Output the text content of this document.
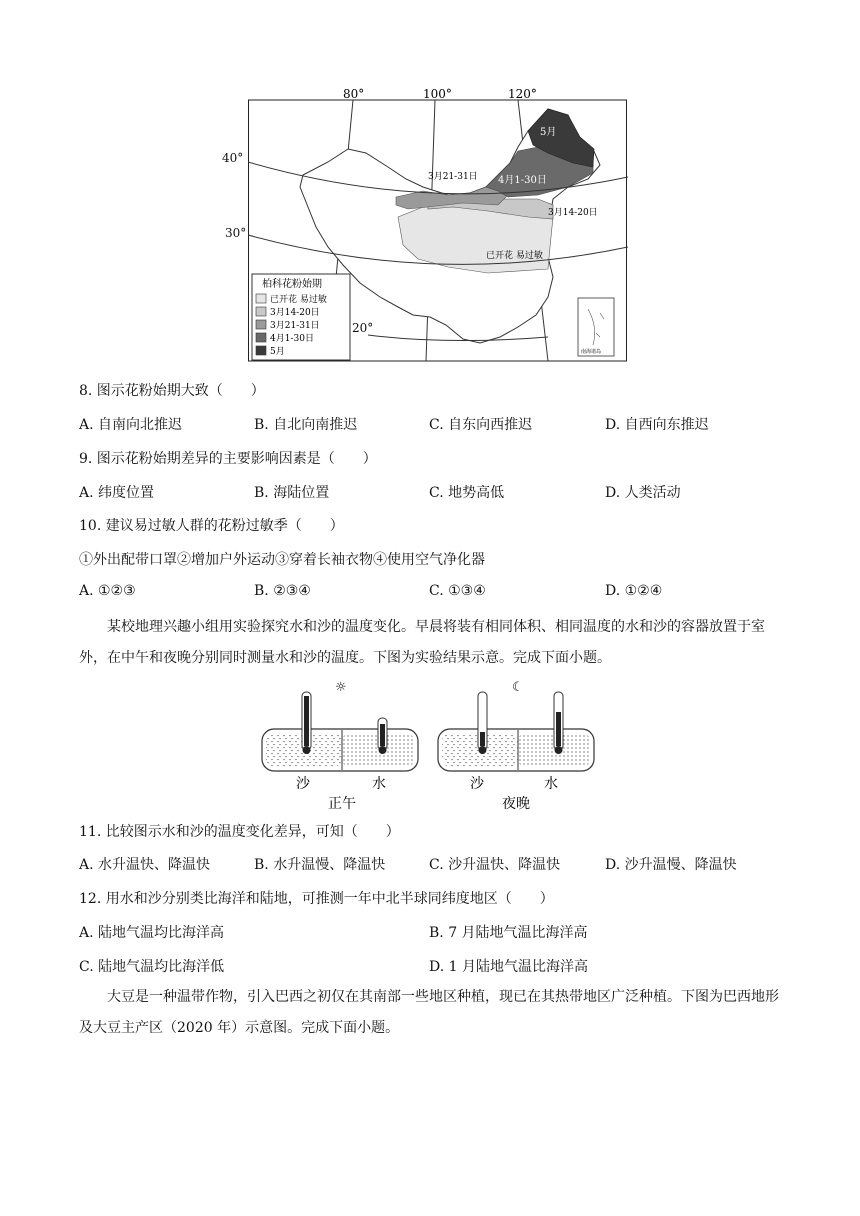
80°	100°	120°
5月
4月1-30日
3月21-31日
3月14-20日
已开花 易过敏
柏科花粉始期
已开花 易过敏
3月14-20日
3月21-31日
4月1-30日
5月	南海诸岛
40°
30°
20°
8. 图示花粉始期大致（　　）
A. 自南向北推迟	B. 自北向南推迟	C. 自东向西推迟	D. 自西向东推迟
9. 图示花粉始期差异的主要影响因素是（　　）
A. 纬度位置	B. 海陆位置	C. 地势高低	D. 人类活动
10. 建议易过敏人群的花粉过敏季（　　）
①外出配带口罩②增加户外运动③穿着长袖衣物④使用空气净化器
A. ①②③	B. ②③④	C. ①③④	D. ①②④
某校地理兴趣小组用实验探究水和沙的温度变化。早晨将装有相同体积、相同温度的水和沙的容器放置于室外，在中午和夜晚分别同时测量水和沙的温度。下图为实验结果示意。完成下面小题。
☼
沙	水
正午
☾
沙	水
夜晚
11. 比较图示水和沙的温度变化差异，可知（　　）
A. 水升温快、降温快	B. 水升温慢、降温快	C. 沙升温快、降温快	D. 沙升温慢、降温快
12. 用水和沙分别类比海洋和陆地，可推测一年中北半球同纬度地区（　　）
A. 陆地气温均比海洋高	B. 7 月陆地气温比海洋高
C. 陆地气温均比海洋低	D. 1 月陆地气温比海洋高
大豆是一种温带作物，引入巴西之初仅在其南部一些地区种植，现已在其热带地区广泛种植。下图为巴西地形及大豆主产区（2020 年）示意图。完成下面小题。
